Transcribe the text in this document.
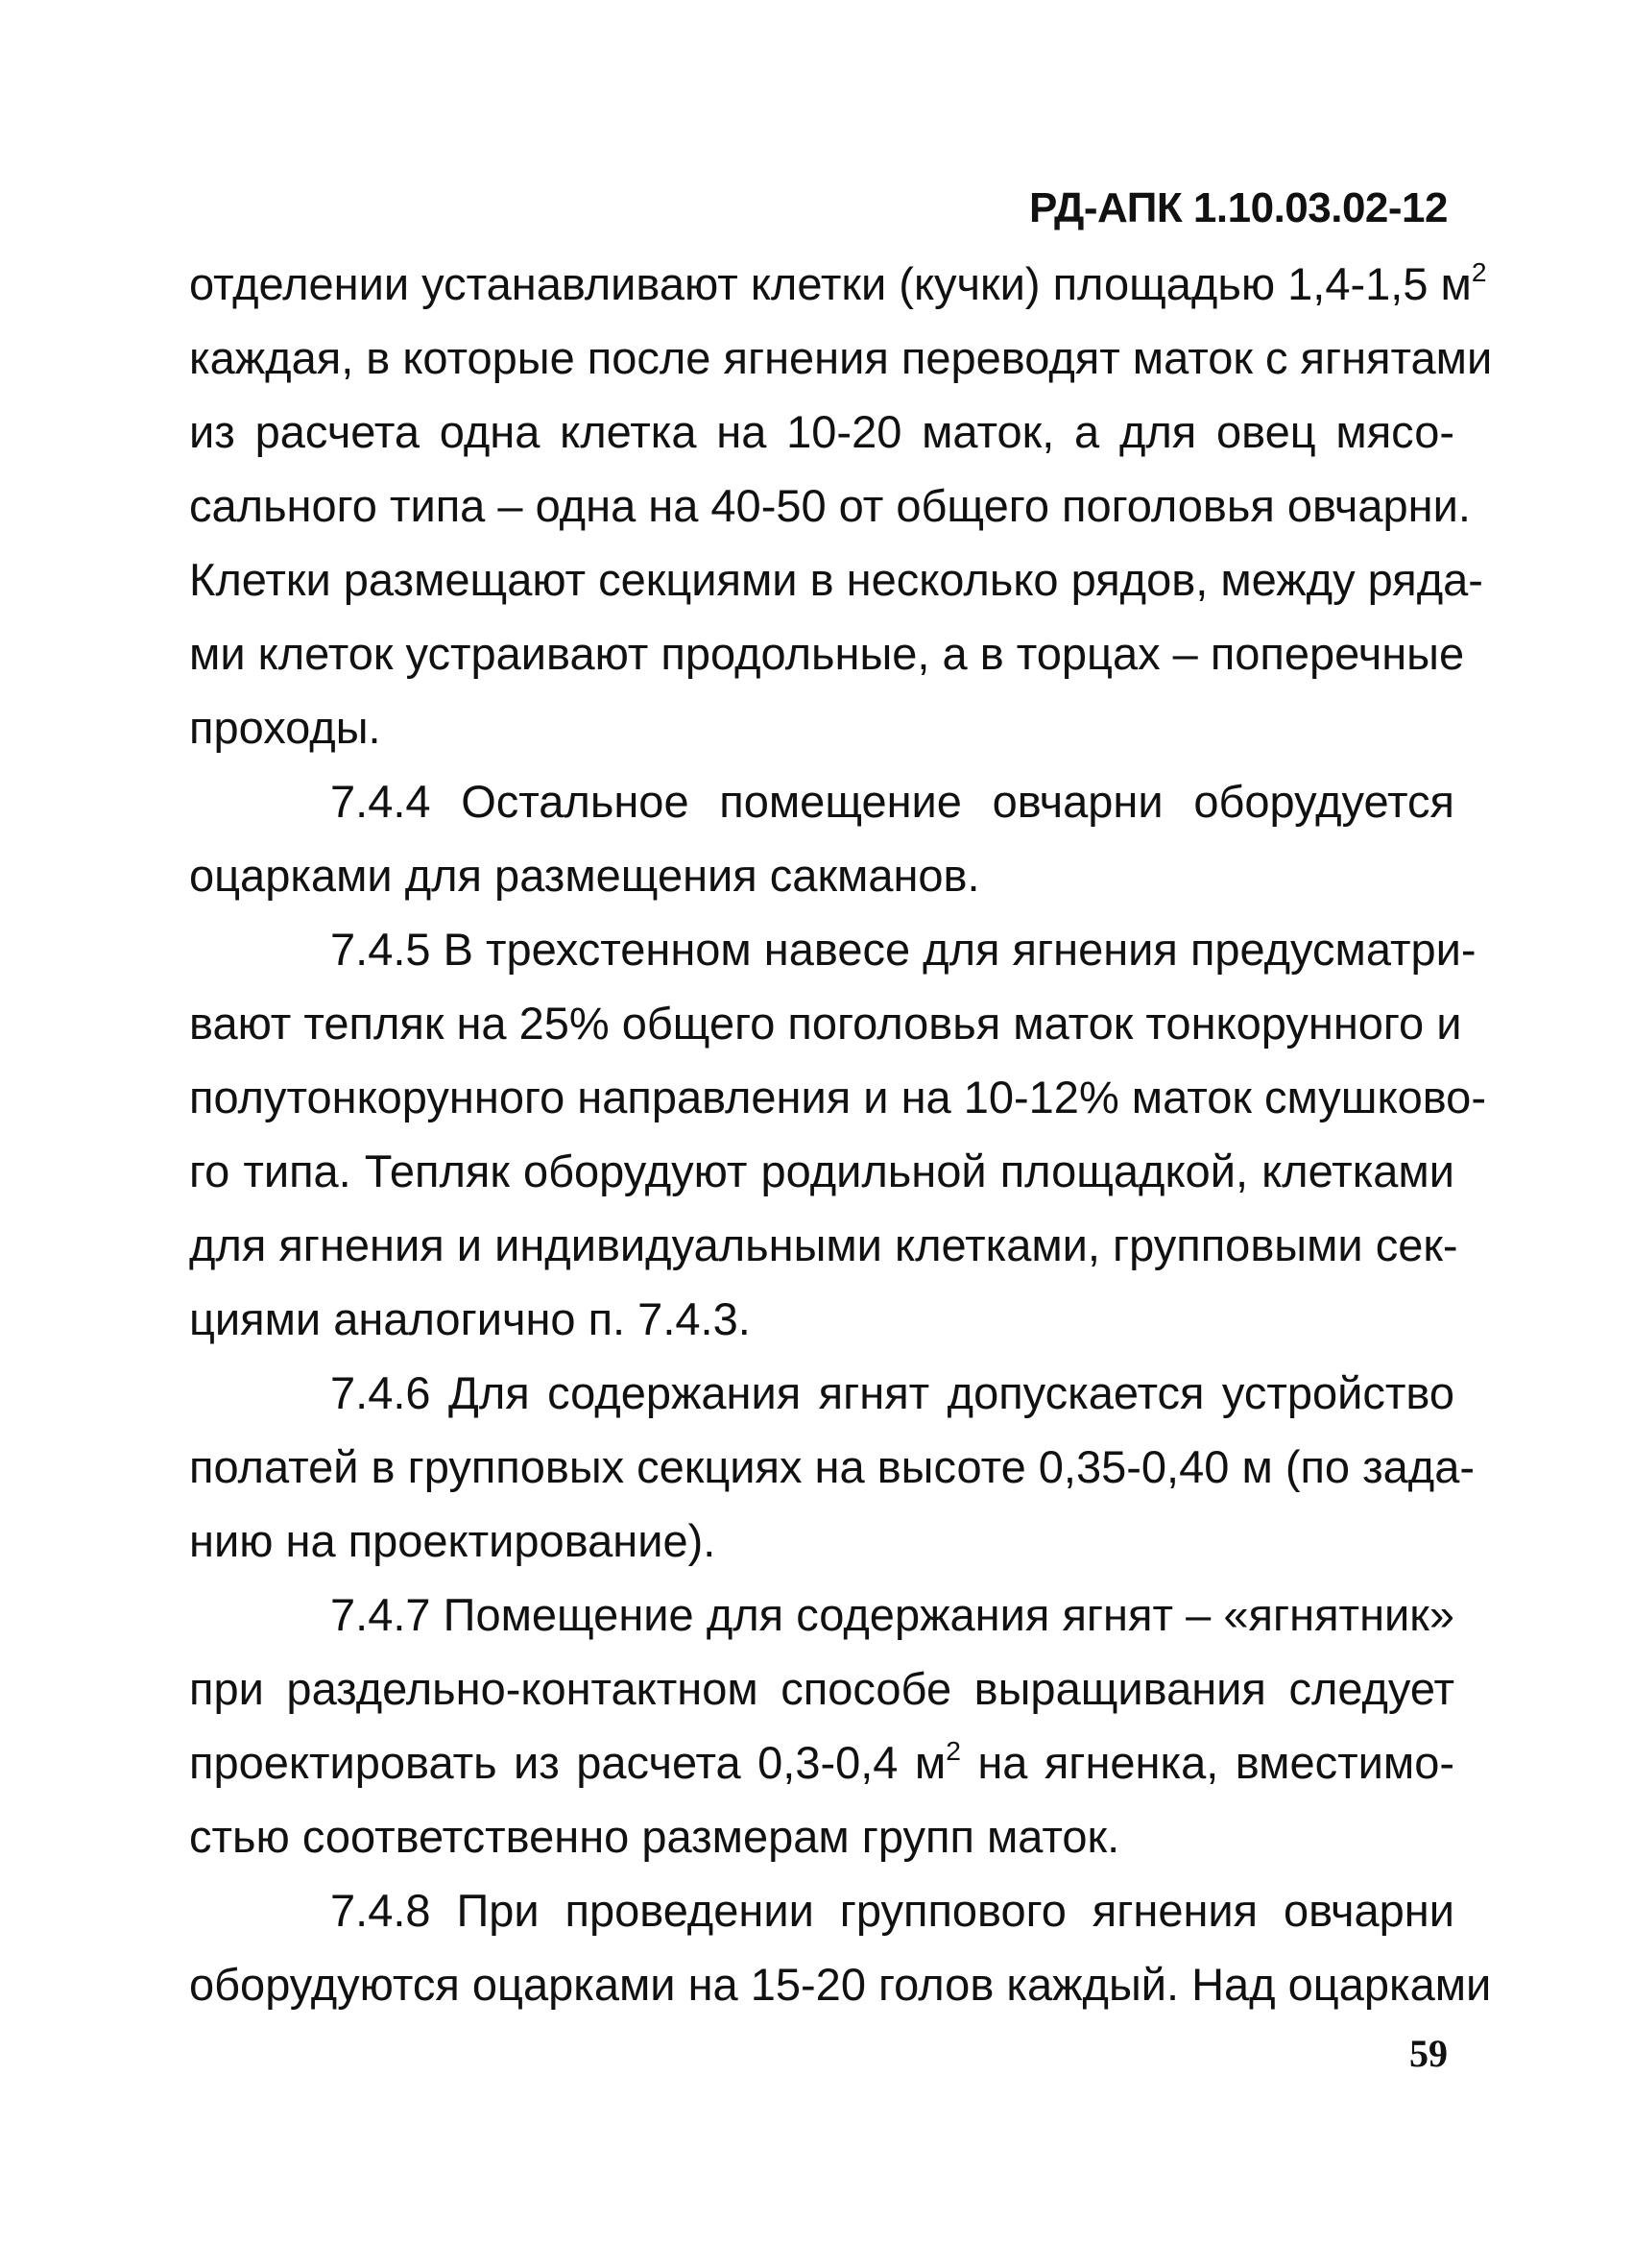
РД-АПК 1.10.03.02-12
отделении устанавливают клетки (кучки) площадью 1,4-1,5 $м^2$
каждая, в которые после ягнения переводят маток с ягнятами
из расчета одна клетка на 10-20 маток, а для овец мясо-
сального типа – одна на 40-50 от общего поголовья овчарни.
Клетки размещают секциями в несколько рядов, между ряда-
ми клеток устраивают продольные, а в торцах – поперечные
проходы.
7.4.4 Остальное помещение овчарни оборудуется
оцарками для размещения сакманов.
7.4.5 В трехстенном навесе для ягнения предусматри-
вают тепляк на 25% общего поголовья маток тонкорунного и
полутонкорунного направления и на 10-12% маток смушково-
го типа. Тепляк оборудуют родильной площадкой, клетками
для ягнения и индивидуальными клетками, групповыми сек-
циями аналогично п. 7.4.3.
7.4.6 Для содержания ягнят допускается устройство
полатей в групповых секциях на высоте 0,35-0,40 м (по зада-
нию на проектирование).
7.4.7 Помещение для содержания ягнят – «ягнятник»
при раздельно-контактном способе выращивания следует
проектировать из расчета 0,3-0,4 $м^2$ на ягненка, вместимо-
стью соответственно размерам групп маток.
7.4.8 При проведении группового ягнения овчарни
оборудуются оцарками на 15-20 голов каждый. Над оцарками
59
